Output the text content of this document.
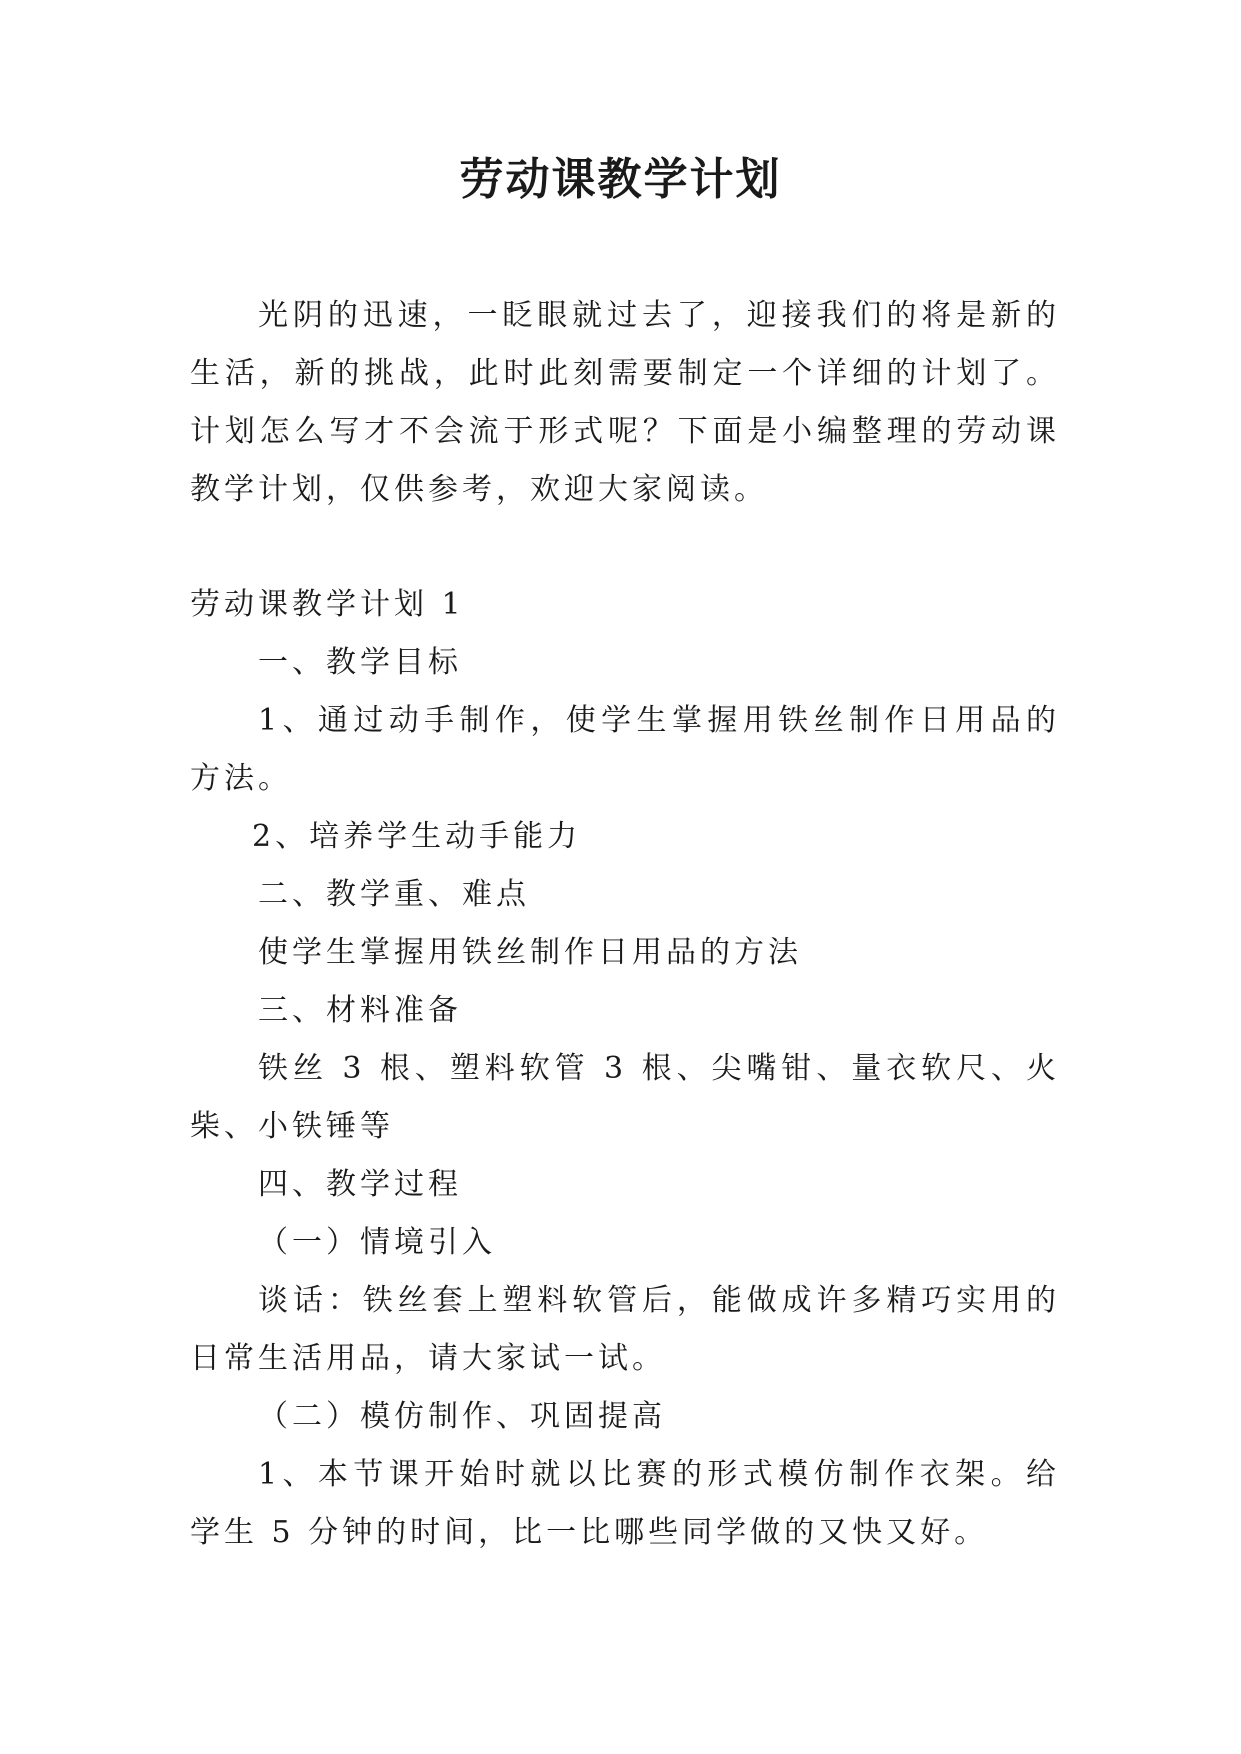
劳动课教学计划

光阴的迅速，一眨眼就过去了，迎接我们的将是新的生活，新的挑战，此时此刻需要制定一个详细的计划了。计划怎么写才不会流于形式呢？下面是小编整理的劳动课教学计划，仅供参考，欢迎大家阅读。

劳动课教学计划 1

一、教学目标

1、通过动手制作，使学生掌握用铁丝制作日用品的方法。

2、培养学生动手能力

二、教学重、难点

使学生掌握用铁丝制作日用品的方法

三、材料准备

铁丝 3 根、塑料软管 3 根、尖嘴钳、量衣软尺、火柴、小铁锤等

四、教学过程

（一）情境引入

谈话：铁丝套上塑料软管后，能做成许多精巧实用的日常生活用品，请大家试一试。

（二）模仿制作、巩固提高

1、本节课开始时就以比赛的形式模仿制作衣架。给学生 5 分钟的时间，比一比哪些同学做的又快又好。
